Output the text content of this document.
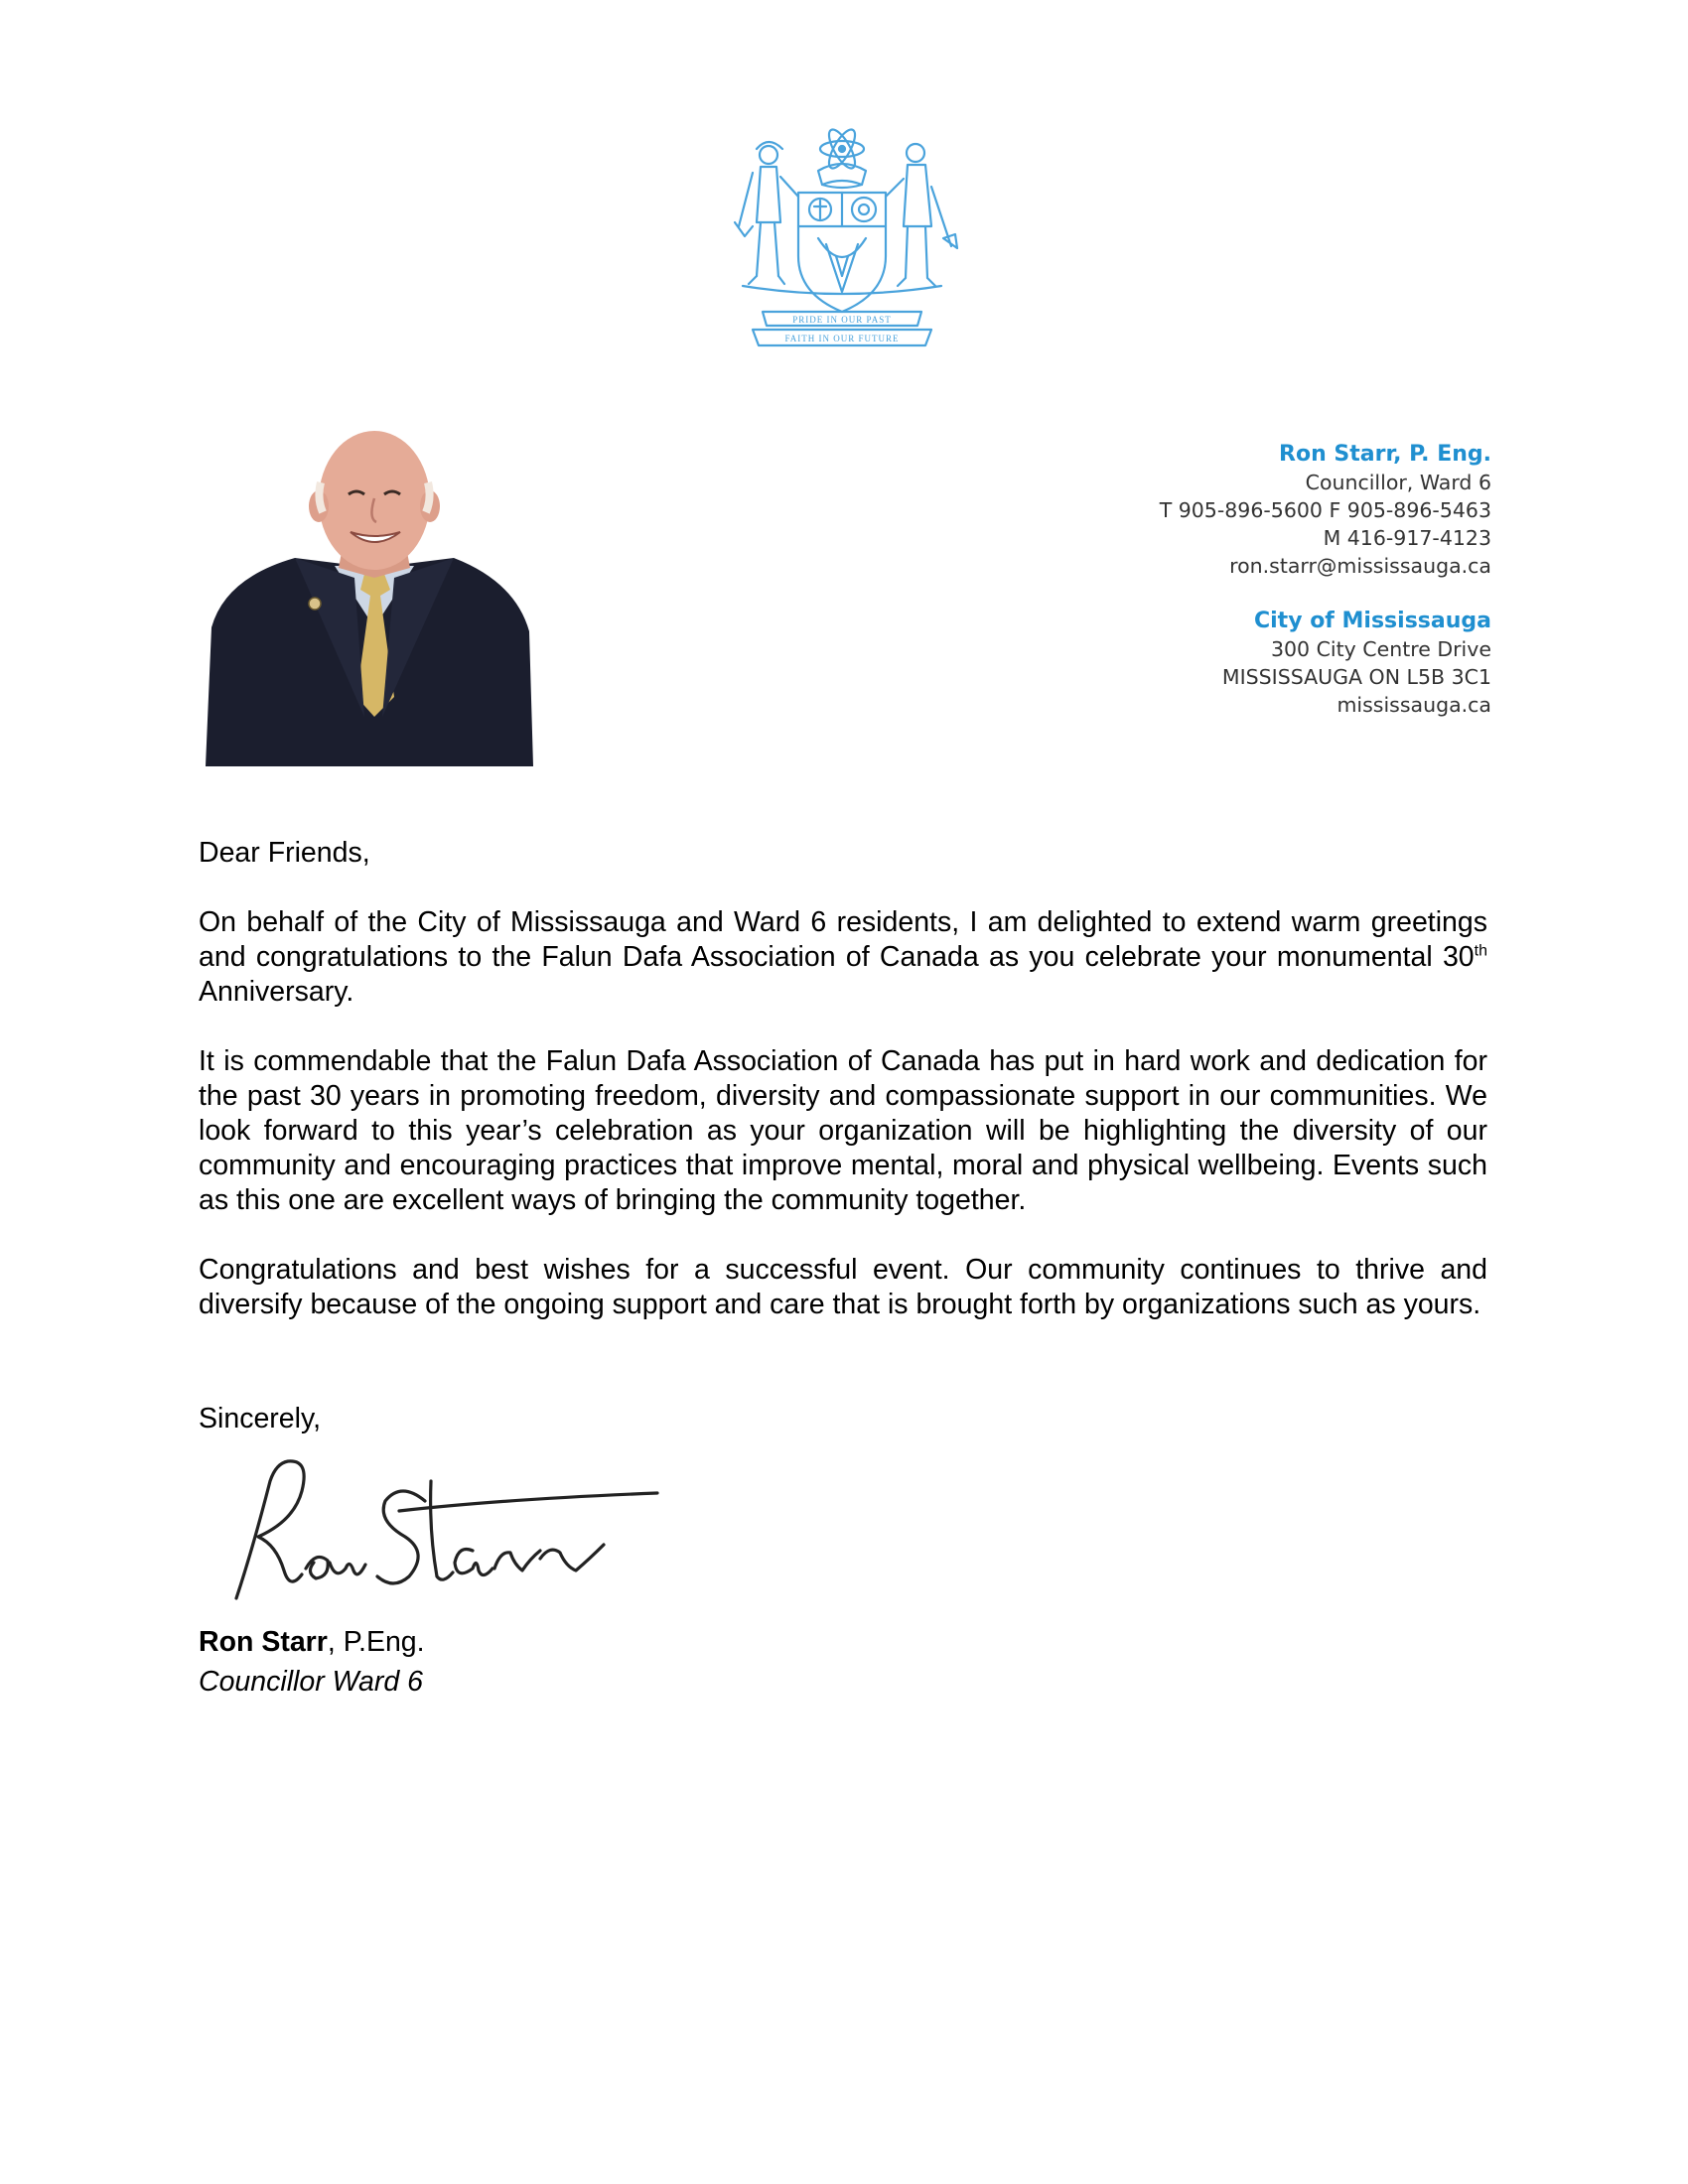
PRIDE IN OUR PAST
FAITH IN OUR FUTURE
Ron Starr, P. Eng.
Councillor, Ward 6
T 905-896-5600 F 905-896-5463
M 416-917-4123
ron.starr@mississauga.ca
City of Mississauga
300 City Centre Drive
MISSISSAUGA ON L5B 3C1
mississauga.ca

Dear Friends,

On behalf of the City of Mississauga and Ward 6 residents, I am delighted to extend warm greetings and congratulations to the Falun Dafa Association of Canada as you celebrate your monumental 30th Anniversary.

It is commendable that the Falun Dafa Association of Canada has put in hard work and dedication for the past 30 years in promoting freedom, diversity and compassionate support in our communities. We look forward to this year’s celebration as your organization will be highlighting the diversity of our community and encouraging practices that improve mental, moral and physical wellbeing. Events such as this one are excellent ways of bringing the community together.

Congratulations and best wishes for a successful event. Our community continues to thrive and diversify because of the ongoing support and care that is brought forth by organizations such as yours.

Sincerely,

Ron Starr, P.Eng.
Councillor Ward 6
